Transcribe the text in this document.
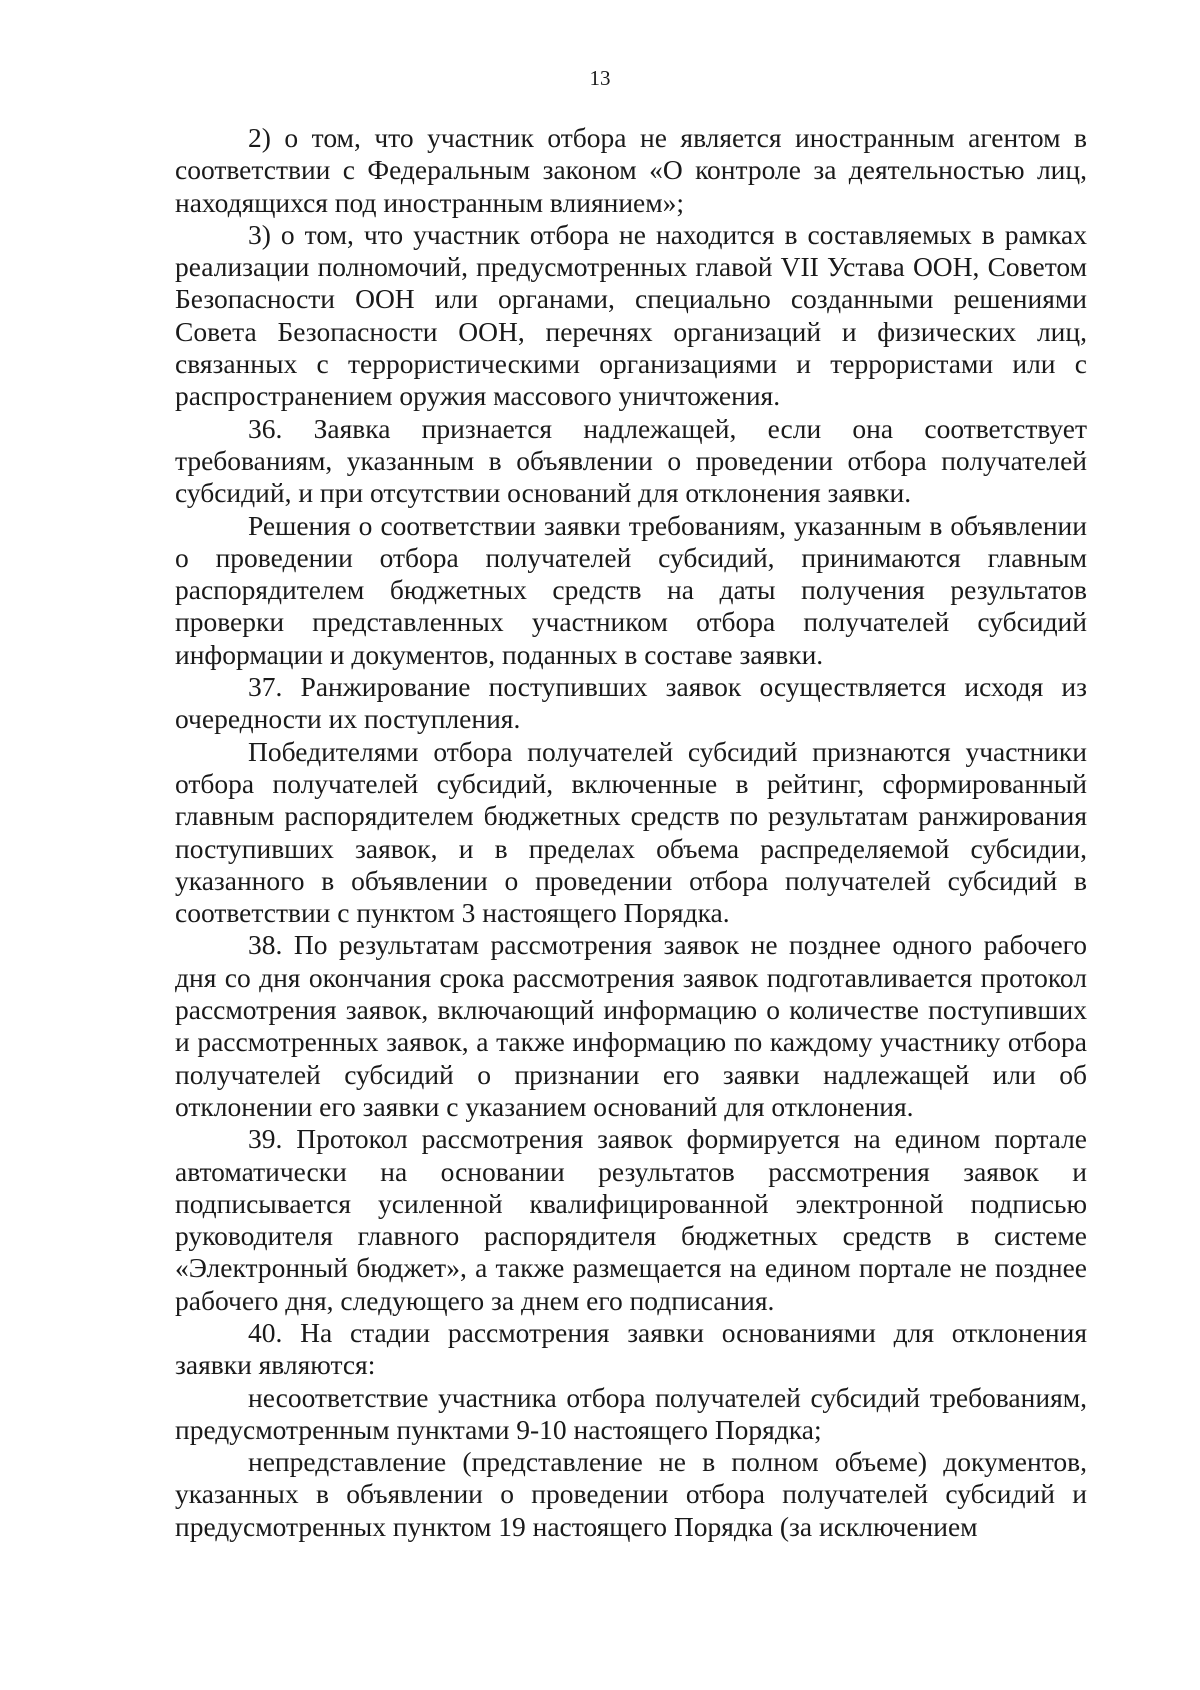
13

2) о том, что участник отбора не является иностранным агентом в соответствии с Федеральным законом «О контроле за деятельностью лиц, находящихся под иностранным влиянием»;

3) о том, что участник отбора не находится в составляемых в рамках реализации полномочий, предусмотренных главой VII Устава ООН, Советом Безопасности ООН или органами, специально созданными решениями Совета Безопасности ООН, перечнях организаций и физических лиц, связанных с террористическими организациями и террористами или с распространением оружия массового уничтожения.

36. Заявка признается надлежащей, если она соответствует требованиям, указанным в объявлении о проведении отбора получателей субсидий, и при отсутствии оснований для отклонения заявки.

Решения о соответствии заявки требованиям, указанным в объявлении о проведении отбора получателей субсидий, принимаются главным распорядителем бюджетных средств на даты получения результатов проверки представленных участником отбора получателей субсидий информации и документов, поданных в составе заявки.

37. Ранжирование поступивших заявок осуществляется исходя из очередности их поступления.

Победителями отбора получателей субсидий признаются участники отбора получателей субсидий, включенные в рейтинг, сформированный главным распорядителем бюджетных средств по результатам ранжирования поступивших заявок, и в пределах объема распределяемой субсидии, указанного в объявлении о проведении отбора получателей субсидий в соответствии с пунктом 3 настоящего Порядка.

38. По результатам рассмотрения заявок не позднее одного рабочего дня со дня окончания срока рассмотрения заявок подготавливается протокол рассмотрения заявок, включающий информацию о количестве поступивших и рассмотренных заявок, а также информацию по каждому участнику отбора получателей субсидий о признании его заявки надлежащей или об отклонении его заявки с указанием оснований для отклонения.

39. Протокол рассмотрения заявок формируется на едином портале автоматически на основании результатов рассмотрения заявок и подписывается усиленной квалифицированной электронной подписью руководителя главного распорядителя бюджетных средств в системе «Электронный бюджет», а также размещается на едином портале не позднее рабочего дня, следующего за днем его подписания.

40. На стадии рассмотрения заявки основаниями для отклонения заявки являются:

несоответствие участника отбора получателей субсидий требованиям, предусмотренным пунктами 9-10 настоящего Порядка;

непредставление (представление не в полном объеме) документов, указанных в объявлении о проведении отбора получателей субсидий и предусмотренных пунктом 19 настоящего Порядка (за исключением
